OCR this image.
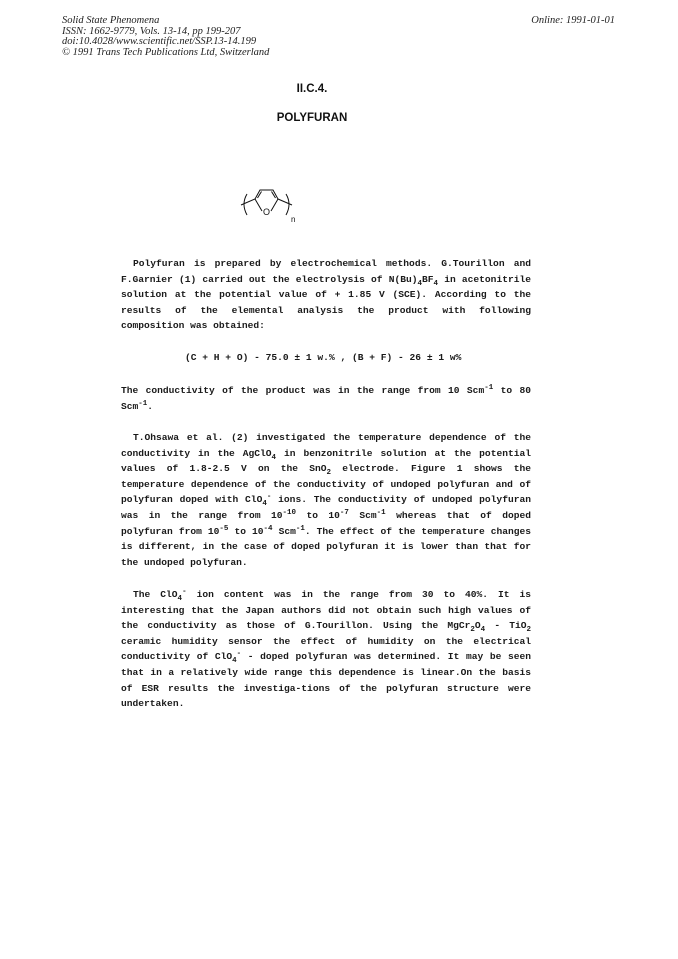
Solid State Phenomena
ISSN: 1662-9779, Vols. 13-14, pp 199-207
doi:10.4028/www.scientific.net/SSP.13-14.199
© 1991 Trans Tech Publications Ltd, Switzerland
Online: 1991-01-01
II.C.4.
POLYFURAN
O
n

Polyfuran is prepared by electrochemical methods. G.Tourillon and F.Garnier (1) carried out the electrolysis of $N(Bu)_4BF_4$ in acetonitrile solution at the potential value of + 1.85 V (SCE). According to the results of the elemental analysis the product with following composition was obtained:

(C + H + O) - 75.0 ± 1 w.% , (B + F) - 26 ± 1 w%

The conductivity of the product was in the range from 10 Scm$^{-1}$ to 80 Scm$^{-1}$.

T.Ohsawa et al. (2) investigated the temperature dependence of the conductivity in the AgClO$_4$ in benzonitrile solution at the potential values of 1.8-2.5 V on the SnO$_2$ electrode. Figure 1 shows the temperature dependence of the conductivity of undoped polyfuran and of polyfuran doped with ClO$_4$- ions. The conductivity of undoped polyfuran was in the range from $10^{-10}$ to $10^{-7}$ Scm$^{-1}$ whereas that of doped polyfuran from $10^{-5}$ to $10^{-4}$ Scm$^{-1}$. The effect of the temperature changes is different, in the case of doped polyfuran it is lower than that for the undoped polyfuran.

The ClO$_4$- ion content was in the range from 30 to 40%. It is interesting that the Japan authors did not obtain such high values of the conductivity as those of G.Tourillon. Using the $MgCr_2O_4 - TiO_2$ ceramic humidity sensor the effect of humidity on the electrical conductivity of ClO$_4$- - doped polyfuran was determined. It may be seen that in a relatively wide range this dependence is linear.On the basis of ESR results the investiga-tions of the polyfuran structure were undertaken.
